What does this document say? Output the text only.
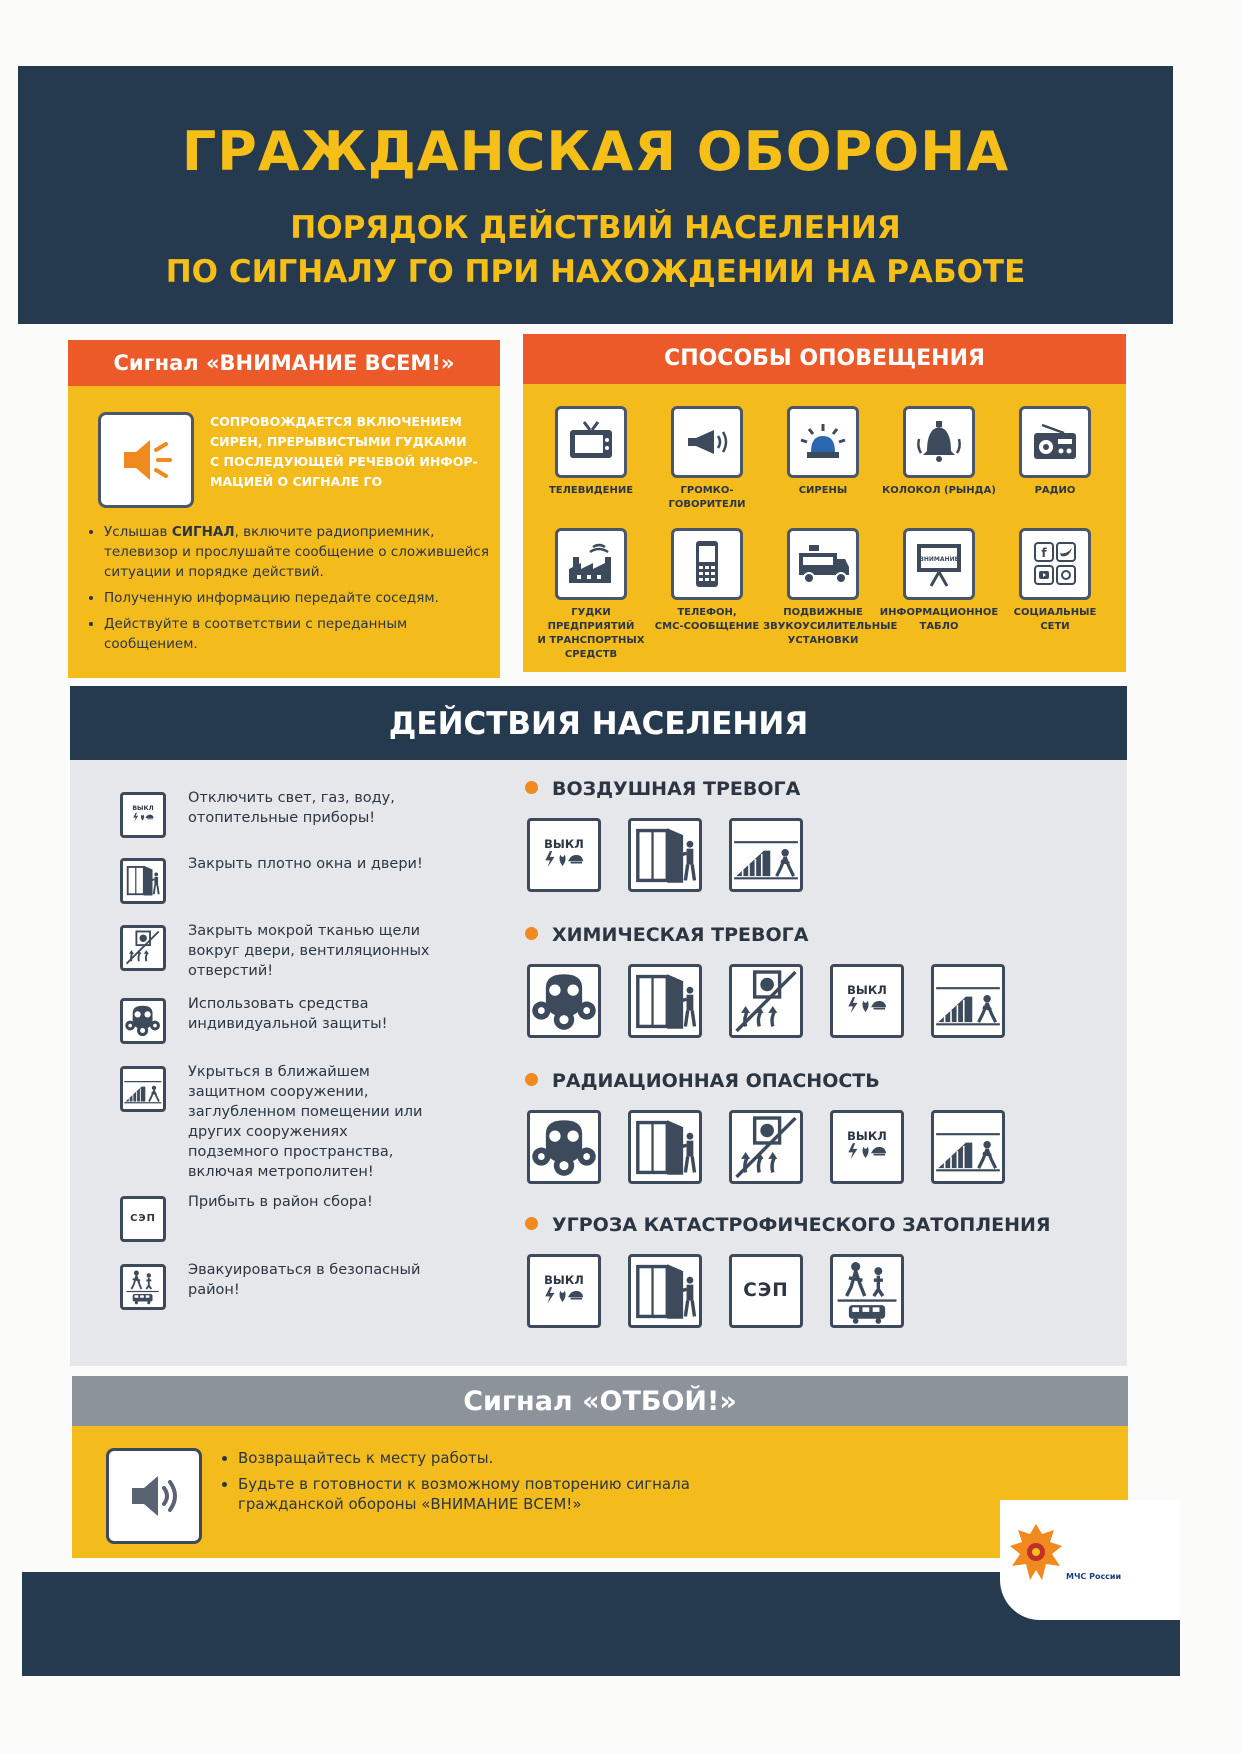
ГРАЖДАНСКАЯ ОБОРОНА
ПОРЯДОК ДЕЙСТВИЙ НАСЕЛЕНИЯ
ПО СИГНАЛУ ГО ПРИ НАХОЖДЕНИИ НА РАБОТЕ
Сигнал «ВНИМАНИЕ ВСЕМ!»
СОПРОВОЖДАЕТСЯ ВКЛЮЧЕНИЕМ
СИРЕН, ПРЕРЫВИСТЫМИ ГУДКАМИ
С ПОСЛЕДУЮЩЕЙ РЕЧЕВОЙ ИНФОР-
МАЦИЕЙ О СИГНАЛЕ ГО
• Услышав СИГНАЛ, включите радиоприемник, телевизор и прослушайте сообщение о сложившейся ситуации и порядке действий.
• Полученную информацию передайте соседям.
• Действуйте в соответствии с переданным сообщением.
СПОСОБЫ ОПОВЕЩЕНИЯ
ТЕЛЕВИДЕНИЕ	ГРОМКО-
ГОВОРИТЕЛИ
СИРЕНЫ	КОЛОКОЛ (РЫНДА)	РАДИО
ГУДКИ ПРЕДПРИЯТИЙ
И ТРАНСПОРТНЫХ
СРЕДСТВ
ТЕЛЕФОН,
СМС-СООБЩЕНИЕ
ПОДВИЖНЫЕ
ЗВУКОУСИЛИТЕЛЬНЫЕ
УСТАНОВКИ
ВНИМАНИЕ
ИНФОРМАЦИОННОЕ
ТАБЛО
f
СОЦИАЛЬНЫЕ
СЕТИ
ДЕЙСТВИЯ НАСЕЛЕНИЯ
ВЫКЛ
Отключить свет, газ, воду,
отопительные приборы!
Закрыть плотно окна и двери!
Закрыть мокрой тканью щели
вокруг двери, вентиляционных
отверстий!
Использовать средства
индивидуальной защиты!
Укрыться в ближайшем
защитном сооружении,
заглубленном помещении или
других сооружениях
подземного пространства,
включая метрополитен!
СЭП
Прибыть в район сбора!
Эвакуироваться в безопасный
район!
ВОЗДУШНАЯ ТРЕВОГА
ВЫКЛ
ХИМИЧЕСКАЯ ТРЕВОГА
ВЫКЛ
РАДИАЦИОННАЯ ОПАСНОСТЬ
ВЫКЛ
УГРОЗА КАТАСТРОФИЧЕСКОГО ЗАТОПЛЕНИЯ
ВЫКЛ	СЭП
Сигнал «ОТБОЙ!»
• Возвращайтесь к месту работы.
• Будьте в готовности к возможному повторению сигнала гражданской обороны «ВНИМАНИЕ ВСЕМ!»
МЧС России
